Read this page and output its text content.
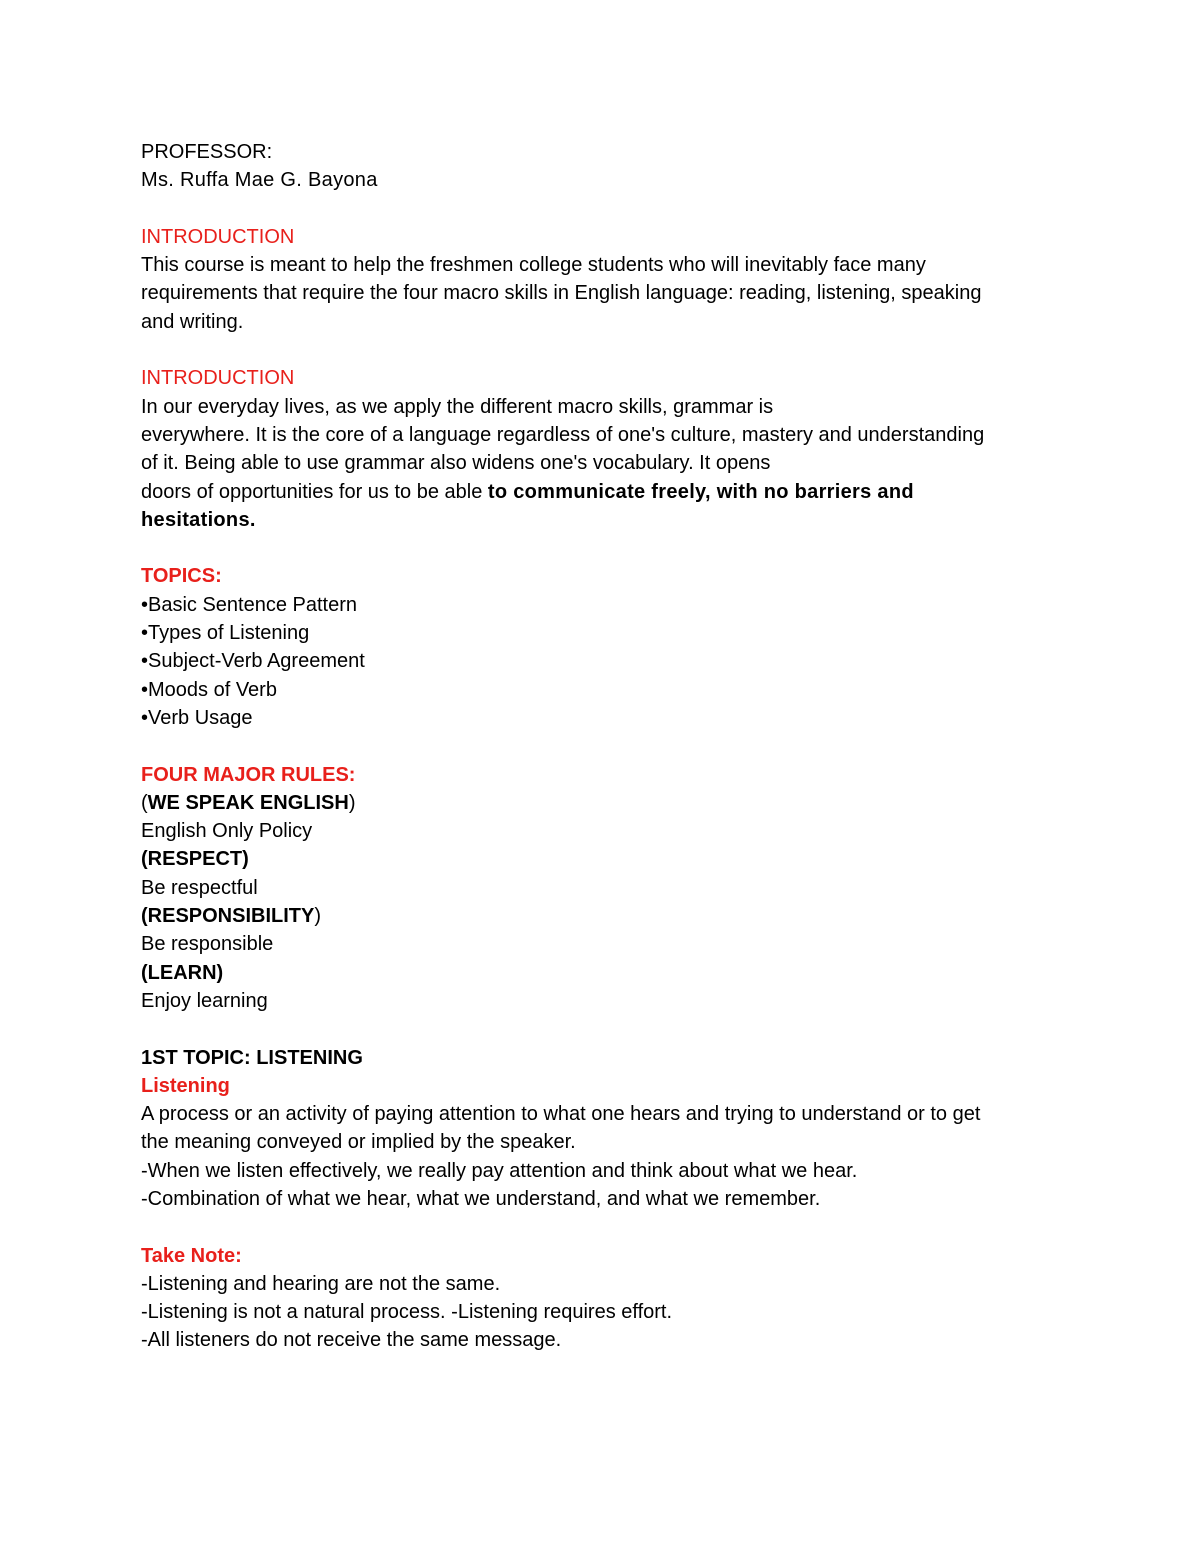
PROFESSOR:
Ms. Ruffa Mae G. Bayona
INTRODUCTION
This course is meant to help the freshmen college students who will inevitably face many
requirements that require the four macro skills in English language: reading, listening, speaking
and writing.
INTRODUCTION
In our everyday lives, as we apply the different macro skills, grammar is
everywhere. It is the core of a language regardless of one's culture, mastery and understanding
of it. Being able to use grammar also widens one's vocabulary. It opens
doors of opportunities for us to be able to communicate freely, with no barriers and
hesitations.
TOPICS:
•Basic Sentence Pattern
•Types of Listening
•Subject-Verb Agreement
•Moods of Verb
•Verb Usage
FOUR MAJOR RULES:
(WE SPEAK ENGLISH)
English Only Policy
(RESPECT)
Be respectful
(RESPONSIBILITY)
Be responsible
(LEARN)
Enjoy learning
1ST TOPIC: LISTENING
Listening
A process or an activity of paying attention to what one hears and trying to understand or to get
the meaning conveyed or implied by the speaker.
-When we listen effectively, we really pay attention and think about what we hear.
-Combination of what we hear, what we understand, and what we remember.
Take Note:
-Listening and hearing are not the same.
-Listening is not a natural process. -Listening requires effort.
-All listeners do not receive the same message.
